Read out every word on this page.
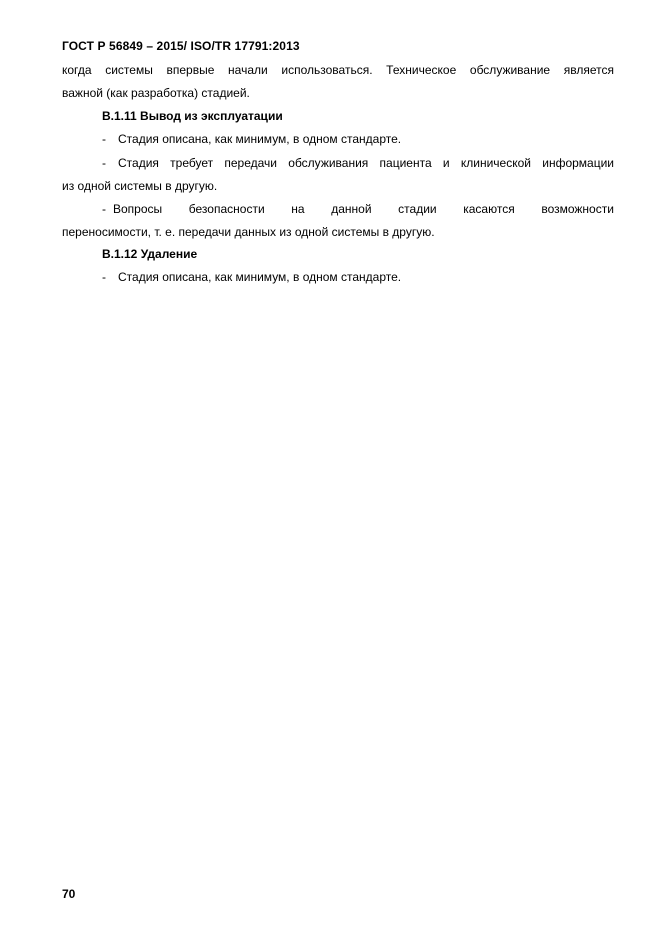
ГОСТ Р 56849 – 2015/ ISO/TR 17791:2013
когда системы впервые начали использоваться. Техническое обслуживание является
важной (как разработка) стадией.
В.1.11 Вывод из эксплуатации
- Стадия описана, как минимум, в одном стандарте.
-	Стадия требует передачи обслуживания пациента и клинической информации
из одной системы в другую.
- Вопросы безопасности на данной стадии касаются возможности
переносимости, т. е. передачи данных из одной системы в другую.
В.1.12 Удаление
- Стадия описана, как минимум, в одном стандарте.
70
